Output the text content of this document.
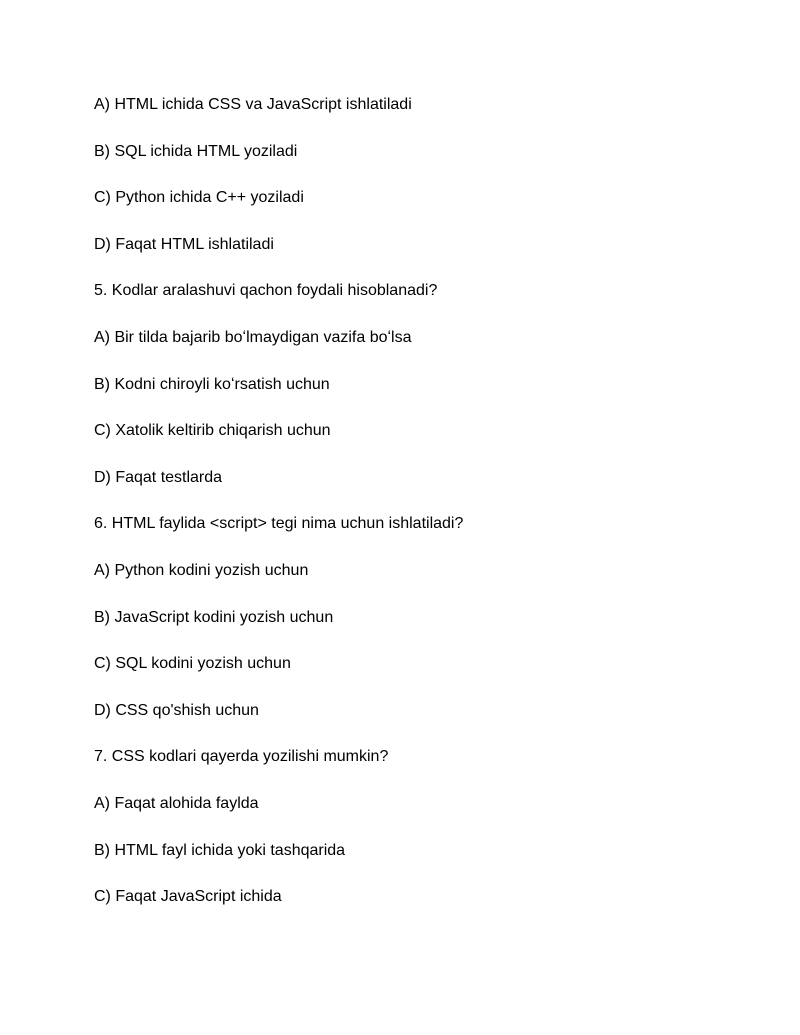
A) HTML ichida CSS va JavaScript ishlatiladi
B) SQL ichida HTML yoziladi
C) Python ichida C++ yoziladi
D) Faqat HTML ishlatiladi
5. Kodlar aralashuvi qachon foydali hisoblanadi?
A) Bir tilda bajarib boʻlmaydigan vazifa boʻlsa
B) Kodni chiroyli koʻrsatish uchun
C) Xatolik keltirib chiqarish uchun
D) Faqat testlarda
6. HTML faylida <script> tegi nima uchun ishlatiladi?
A) Python kodini yozish uchun
B) JavaScript kodini yozish uchun
C) SQL kodini yozish uchun
D) CSS qo'shish uchun
7. CSS kodlari qayerda yozilishi mumkin?
A) Faqat alohida faylda
B) HTML fayl ichida yoki tashqarida
C) Faqat JavaScript ichida
